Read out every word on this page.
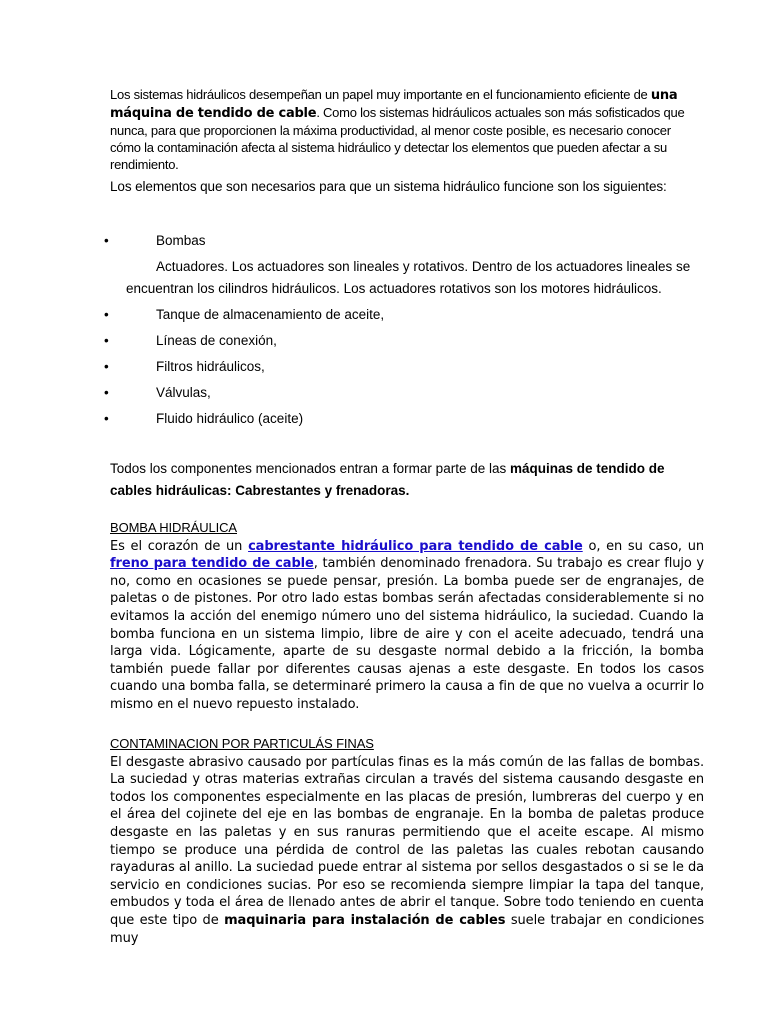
Los sistemas hidráulicos desempeñan un papel muy importante en el funcionamiento eficiente de una máquina de tendido de cable. Como los sistemas hidráulicos actuales son más sofisticados que nunca, para que proporcionen la máxima productividad, al menor coste posible, es necesario conocer cómo la contaminación afecta al sistema hidráulico y detectar los elementos que pueden afectar a su rendimiento.

Los elementos que son necesarios para que un sistema hidráulico funcione son los siguientes:

•	Bombas
Actuadores. Los actuadores son lineales y rotativos. Dentro de los actuadores lineales se encuentran los cilindros hidráulicos. Los actuadores rotativos son los motores hidráulicos.
•	Tanque de almacenamiento de aceite,
•	Líneas de conexión,
•	Filtros hidráulicos,
•	Válvulas,
•	Fluido hidráulico (aceite)

Todos los componentes mencionados entran a formar parte de las máquinas de tendido de cables hidráulicas: Cabrestantes y frenadoras.

BOMBA HIDRÁULICA

Es el corazón de un cabrestante hidráulico para tendido de cable o, en su caso, un freno para tendido de cable, también denominado frenadora. Su trabajo es crear flujo y no, como en ocasiones se puede pensar, presión. La bomba puede ser de engranajes, de paletas o de pistones. Por otro lado estas bombas serán afectadas considerablemente si no evitamos la acción del enemigo número uno del sistema hidráulico, la suciedad. Cuando la bomba funciona en un sistema limpio, libre de aire y con el aceite adecuado, tendrá una larga vida. Lógicamente, aparte de su desgaste normal debido a la fricción, la bomba también puede fallar por diferentes causas ajenas a este desgaste. En todos los casos cuando una bomba falla, se determinaré primero la causa a fin de que no vuelva a ocurrir lo mismo en el nuevo repuesto instalado.

CONTAMINACION POR PARTICULÁS FINAS

El desgaste abrasivo causado por partículas finas es la más común de las fallas de bombas. La suciedad y otras materias extrañas circulan a través del sistema causando desgaste en todos los componentes especialmente en las placas de presión, lumbreras del cuerpo y en el área del cojinete del eje en las bombas de engranaje. En la bomba de paletas produce desgaste en las paletas y en sus ranuras permitiendo que el aceite escape. Al mismo tiempo se produce una pérdida de control de las paletas las cuales rebotan causando rayaduras al anillo. La suciedad puede entrar al sistema por sellos desgastados o si se le da servicio en condiciones sucias. Por eso se recomienda siempre limpiar la tapa del tanque, embudos y toda el área de llenado antes de abrir el tanque. Sobre todo teniendo en cuenta que este tipo de maquinaria para instalación de cables suele trabajar en condiciones muy
